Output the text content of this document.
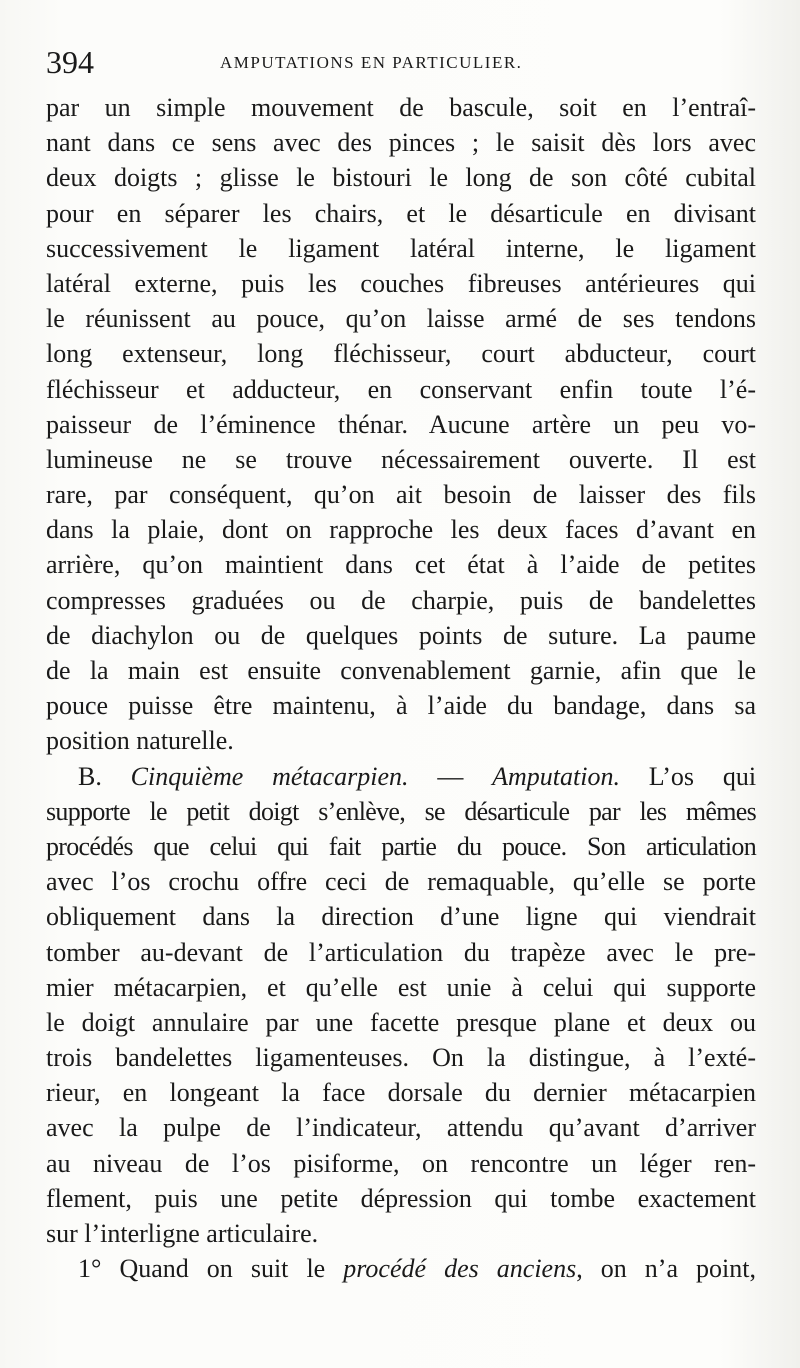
394	AMPUTATIONS EN PARTICULIER.
par un simple mouvement de bascule, soit en l’entraî-
nant dans ce sens avec des pinces ; le saisit dès lors avec
deux doigts ; glisse le bistouri le long de son côté cubital
pour en séparer les chairs, et le désarticule en divisant
successivement le ligament latéral interne, le ligament
latéral externe, puis les couches fibreuses antérieures qui
le réunissent au pouce, qu’on laisse armé de ses tendons
long extenseur, long fléchisseur, court abducteur, court
fléchisseur et adducteur, en conservant enfin toute l’é-
paisseur de l’éminence thénar. Aucune artère un peu vo-
lumineuse ne se trouve nécessairement ouverte. Il est
rare, par conséquent, qu’on ait besoin de laisser des fils
dans la plaie, dont on rapproche les deux faces d’avant en
arrière, qu’on maintient dans cet état à l’aide de petites
compresses graduées ou de charpie, puis de bandelettes
de diachylon ou de quelques points de suture. La paume
de la main est ensuite convenablement garnie, afin que le
pouce puisse être maintenu, à l’aide du bandage, dans sa
position naturelle.
B. Cinquième métacarpien. — Amputation. L’os qui
supporte le petit doigt s’enlève, se désarticule par les mêmes
procédés que celui qui fait partie du pouce. Son articulation
avec l’os crochu offre ceci de remaquable, qu’elle se porte
obliquement dans la direction d’une ligne qui viendrait
tomber au-devant de l’articulation du trapèze avec le pre-
mier métacarpien, et qu’elle est unie à celui qui supporte
le doigt annulaire par une facette presque plane et deux ou
trois bandelettes ligamenteuses. On la distingue, à l’exté-
rieur, en longeant la face dorsale du dernier métacarpien
avec la pulpe de l’indicateur, attendu qu’avant d’arriver
au niveau de l’os pisiforme, on rencontre un léger ren-
flement, puis une petite dépression qui tombe exactement
sur l’interligne articulaire.
1° Quand on suit le procédé des anciens, on n’a point,
